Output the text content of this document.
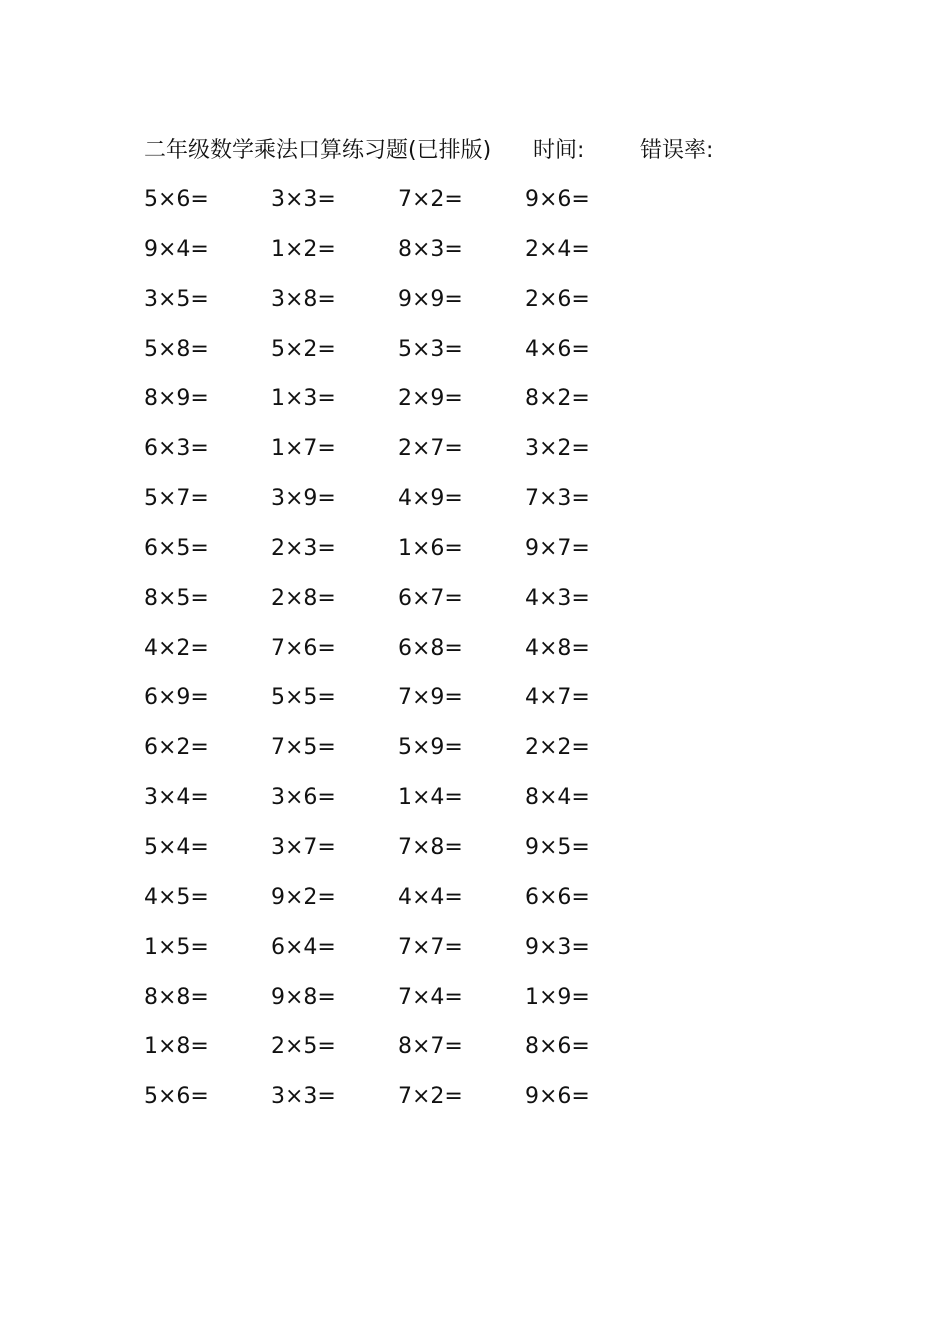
二年级数学乘法口算练习题(已排版) 时间:	错误率:
5×6=	3×3=	7×2=	9×6=
9×4=	1×2=	8×3=	2×4=
3×5=	3×8=	9×9=	2×6=
5×8=	5×2=	5×3=	4×6=
8×9=	1×3=	2×9=	8×2=
6×3=	1×7=	2×7=	3×2=
5×7=	3×9=	4×9=	7×3=
6×5=	2×3=	1×6=	9×7=
8×5=	2×8=	6×7=	4×3=
4×2=	7×6=	6×8=	4×8=
6×9=	5×5=	7×9=	4×7=
6×2=	7×5=	5×9=	2×2=
3×4=	3×6=	1×4=	8×4=
5×4=	3×7=	7×8=	9×5=
4×5=	9×2=	4×4=	6×6=
1×5=	6×4=	7×7=	9×3=
8×8=	9×8=	7×4=	1×9=
1×8=	2×5=	8×7=	8×6=
5×6=	3×3=	7×2=	9×6=
